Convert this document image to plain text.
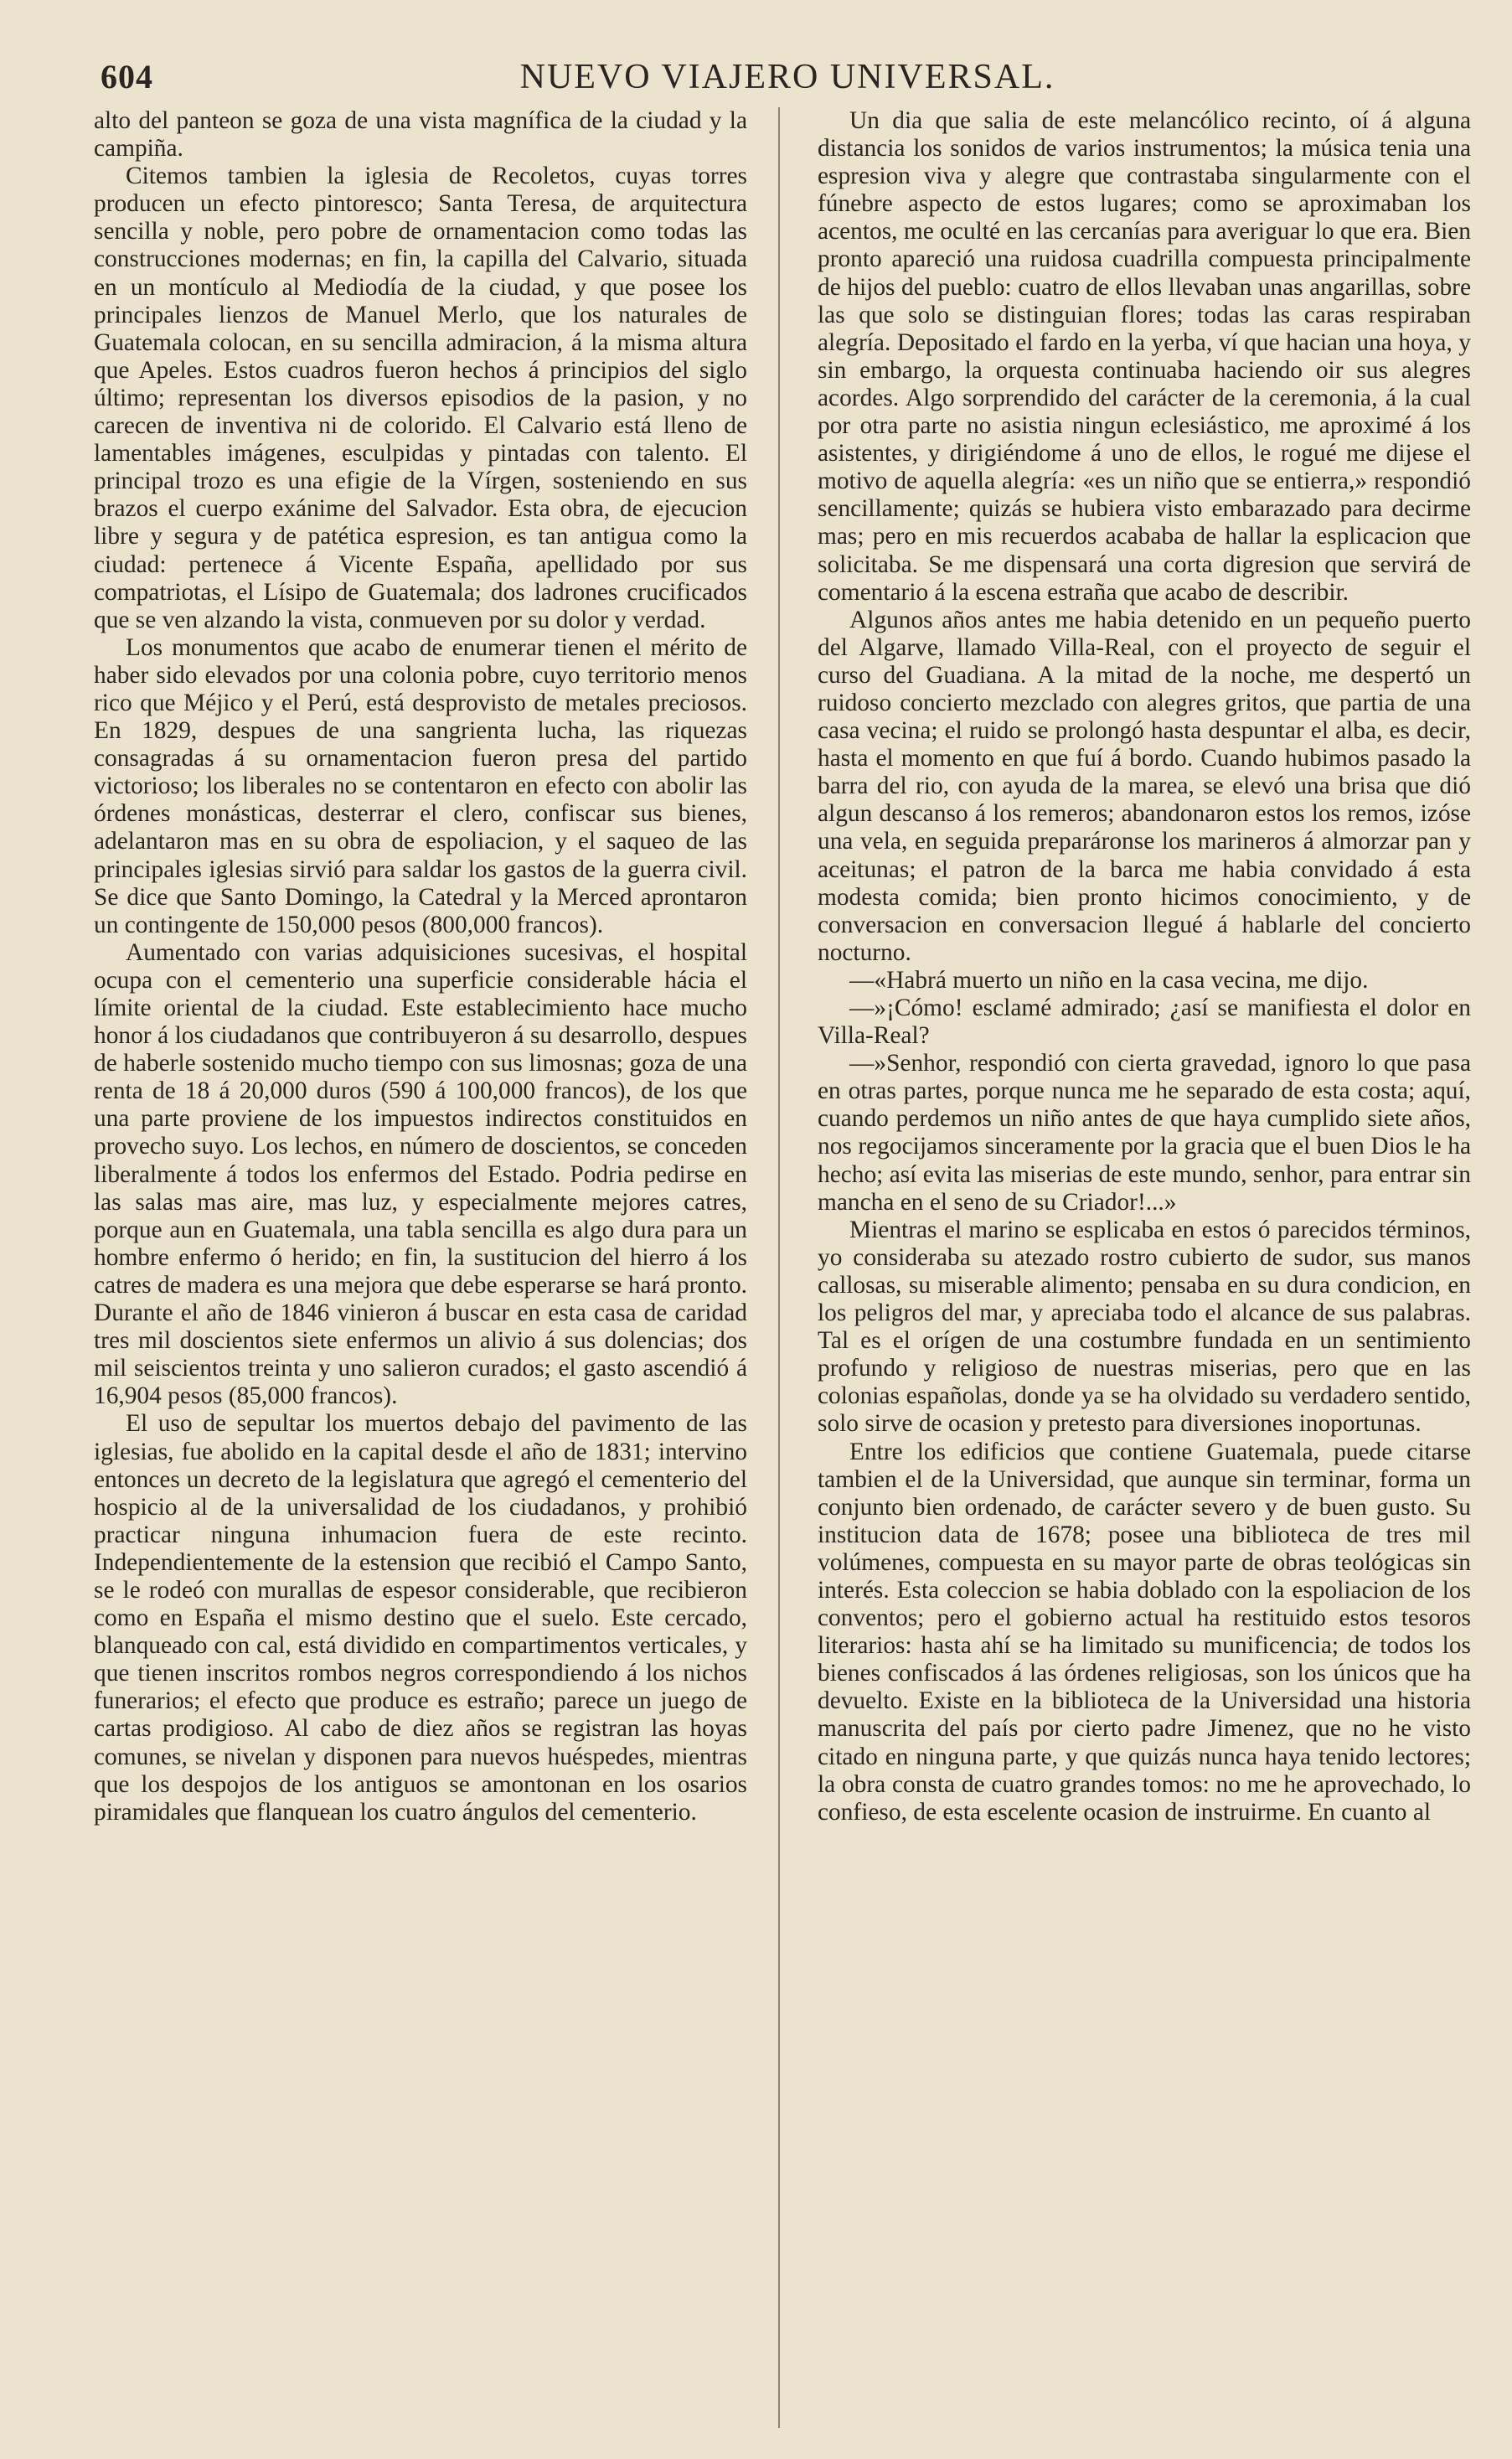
604	NUEVO VIAJERO UNIVERSAL.

alto del panteon se goza de una vista magnífica de la ciudad y la campiña.

Citemos tambien la iglesia de Recoletos, cuyas torres producen un efecto pintoresco; Santa Teresa, de arquitectura sencilla y noble, pero pobre de ornamentacion como todas las construcciones modernas; en fin, la capilla del Calvario, situada en un montículo al Mediodía de la ciudad, y que posee los principales lienzos de Manuel Merlo, que los naturales de Guatemala colocan, en su sencilla admiracion, á la misma altura que Apeles. Estos cuadros fueron hechos á principios del siglo último; representan los diversos episodios de la pasion, y no carecen de inventiva ni de colorido. El Calvario está lleno de lamentables imágenes, esculpidas y pintadas con talento. El principal trozo es una efigie de la Vírgen, sosteniendo en sus brazos el cuerpo exánime del Salvador. Esta obra, de ejecucion libre y segura y de patética espresion, es tan antigua como la ciudad: pertenece á Vicente España, apellidado por sus compatriotas, el Lísipo de Guatemala; dos ladrones crucificados que se ven alzando la vista, conmueven por su dolor y verdad.

Los monumentos que acabo de enumerar tienen el mérito de haber sido elevados por una colonia pobre, cuyo territorio menos rico que Méjico y el Perú, está desprovisto de metales preciosos. En 1829, despues de una sangrienta lucha, las riquezas consagradas á su ornamentacion fueron presa del partido victorioso; los liberales no se contentaron en efecto con abolir las órdenes monásticas, desterrar el clero, confiscar sus bienes, adelantaron mas en su obra de espoliacion, y el saqueo de las principales iglesias sirvió para saldar los gastos de la guerra civil. Se dice que Santo Domingo, la Catedral y la Merced aprontaron un contingente de 150,000 pesos (800,000 francos).

Aumentado con varias adquisiciones sucesivas, el hospital ocupa con el cementerio una superficie considerable hácia el límite oriental de la ciudad. Este establecimiento hace mucho honor á los ciudadanos que contribuyeron á su desarrollo, despues de haberle sostenido mucho tiempo con sus limosnas; goza de una renta de 18 á 20,000 duros (590 á 100,000 francos), de los que una parte proviene de los impuestos indirectos constituidos en provecho suyo. Los lechos, en número de doscientos, se conceden liberalmente á todos los enfermos del Estado. Podria pedirse en las salas mas aire, mas luz, y especialmente mejores catres, porque aun en Guatemala, una tabla sencilla es algo dura para un hombre enfermo ó herido; en fin, la sustitucion del hierro á los catres de madera es una mejora que debe esperarse se hará pronto. Durante el año de 1846 vinieron á buscar en esta casa de caridad tres mil doscientos siete enfermos un alivio á sus dolencias; dos mil seiscientos treinta y uno salieron curados; el gasto ascendió á 16,904 pesos (85,000 francos).

El uso de sepultar los muertos debajo del pavimento de las iglesias, fue abolido en la capital desde el año de 1831; intervino entonces un decreto de la legislatura que agregó el cementerio del hospicio al de la universalidad de los ciudadanos, y prohibió practicar ninguna inhumacion fuera de este recinto. Independientemente de la estension que recibió el Campo Santo, se le rodeó con murallas de espesor considerable, que recibieron como en España el mismo destino que el suelo. Este cercado, blanqueado con cal, está dividido en compartimentos verticales, y que tienen inscritos rombos negros correspondiendo á los nichos funerarios; el efecto que produce es estraño; parece un juego de cartas prodigioso. Al cabo de diez años se registran las hoyas comunes, se nivelan y disponen para nuevos huéspedes, mientras que los despojos de los antiguos se amontonan en los osarios piramidales que flanquean los cuatro ángulos del cementerio.

Un dia que salia de este melancólico recinto, oí á alguna distancia los sonidos de varios instrumentos; la música tenia una espresion viva y alegre que contrastaba singularmente con el fúnebre aspecto de estos lugares; como se aproximaban los acentos, me oculté en las cercanías para averiguar lo que era. Bien pronto apareció una ruidosa cuadrilla compuesta principalmente de hijos del pueblo: cuatro de ellos llevaban unas angarillas, sobre las que solo se distinguian flores; todas las caras respiraban alegría. Depositado el fardo en la yerba, ví que hacian una hoya, y sin embargo, la orquesta continuaba haciendo oir sus alegres acordes. Algo sorprendido del carácter de la ceremonia, á la cual por otra parte no asistia ningun eclesiástico, me aproximé á los asistentes, y dirigiéndome á uno de ellos, le rogué me dijese el motivo de aquella alegría: «es un niño que se entierra,» respondió sencillamente; quizás se hubiera visto embarazado para decirme mas; pero en mis recuerdos acababa de hallar la esplicacion que solicitaba. Se me dispensará una corta digresion que servirá de comentario á la escena estraña que acabo de describir.

Algunos años antes me habia detenido en un pequeño puerto del Algarve, llamado Villa-Real, con el proyecto de seguir el curso del Guadiana. A la mitad de la noche, me despertó un ruidoso concierto mezclado con alegres gritos, que partia de una casa vecina; el ruido se prolongó hasta despuntar el alba, es decir, hasta el momento en que fuí á bordo. Cuando hubimos pasado la barra del rio, con ayuda de la marea, se elevó una brisa que dió algun descanso á los remeros; abandonaron estos los remos, izóse una vela, en seguida preparáronse los marineros á almorzar pan y aceitunas; el patron de la barca me habia convidado á esta modesta comida; bien pronto hicimos conocimiento, y de conversacion en conversacion llegué á hablarle del concierto nocturno.

—«Habrá muerto un niño en la casa vecina, me dijo.

—»¡Cómo! esclamé admirado; ¿así se manifiesta el dolor en Villa-Real?

—»Senhor, respondió con cierta gravedad, ignoro lo que pasa en otras partes, porque nunca me he separado de esta costa; aquí, cuando perdemos un niño antes de que haya cumplido siete años, nos regocijamos sinceramente por la gracia que el buen Dios le ha hecho; así evita las miserias de este mundo, senhor, para entrar sin mancha en el seno de su Criador!...»

Mientras el marino se esplicaba en estos ó parecidos términos, yo consideraba su atezado rostro cubierto de sudor, sus manos callosas, su miserable alimento; pensaba en su dura condicion, en los peligros del mar, y apreciaba todo el alcance de sus palabras. Tal es el orígen de una costumbre fundada en un sentimiento profundo y religioso de nuestras miserias, pero que en las colonias españolas, donde ya se ha olvidado su verdadero sentido, solo sirve de ocasion y pretesto para diversiones inoportunas.

Entre los edificios que contiene Guatemala, puede citarse tambien el de la Universidad, que aunque sin terminar, forma un conjunto bien ordenado, de carácter severo y de buen gusto. Su institucion data de 1678; posee una biblioteca de tres mil volúmenes, compuesta en su mayor parte de obras teológicas sin interés. Esta coleccion se habia doblado con la espoliacion de los conventos; pero el gobierno actual ha restituido estos tesoros literarios: hasta ahí se ha limitado su munificencia; de todos los bienes confiscados á las órdenes religiosas, son los únicos que ha devuelto. Existe en la biblioteca de la Universidad una historia manuscrita del país por cierto padre Jimenez, que no he visto citado en ninguna parte, y que quizás nunca haya tenido lectores; la obra consta de cuatro grandes tomos: no me he aprovechado, lo confieso, de esta escelente ocasion de instruirme. En cuanto al
